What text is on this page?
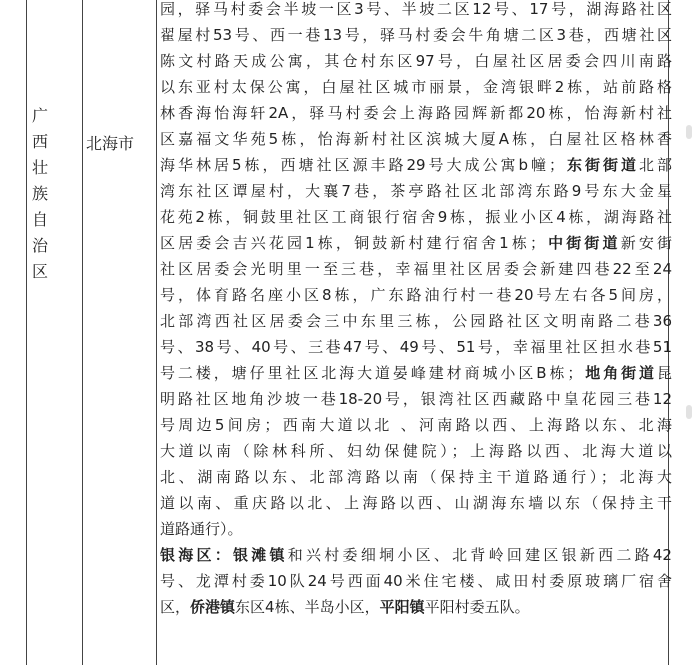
广西壮族自治区
北海市

园，驿马村委会半坡一区3号、半坡二区12号、17号，湖海路社区

翟屋村53号、西一巷13号，驿马村委会牛角塘二区3巷，西塘社区

陈文村路天成公寓，其仓村东区97号，白屋社区居委会四川南路

以东亚村太保公寓，白屋社区城市丽景，金湾银畔2栋，站前路格

林香海怡海轩2A，驿马村委会上海路园辉新都20栋，怡海新村社

区嘉福文华苑5栋，怡海新村社区滨城大厦A栋，白屋社区格林香

海华林居5栋，西塘社区源丰路29号大成公寓b幢；东街街道北部

湾东社区谭屋村，大襄7巷，茶亭路社区北部湾东路9号东大金星

花苑2栋，铜鼓里社区工商银行宿舍9栋，振业小区4栋，湖海路社

区居委会吉兴花园1栋，铜鼓新村建行宿舍1栋；中街街道新安街

社区居委会光明里一至三巷，幸福里社区居委会新建四巷22至24

号，体育路名座小区8栋，广东路油行村一巷20号左右各5间房，

北部湾西社区居委会三中东里三栋，公园路社区文明南路二巷36

号、38号、40号、三巷47号、49号、51号，幸福里社区担水巷51

号二楼，塘仔里社区北海大道晏峰建材商城小区B栋；地角街道昆

明路社区地角沙坡一巷18-20号，银湾社区西藏路中皇花园三巷12

号周边5间房；西南大道以北 、河南路以西、上海路以东、北海

大道以南（除林科所、妇幼保健院）；上海路以西、北海大道以

北、湖南路以东、北部湾路以南（保持主干道路通行）；北海大

道以南、重庆路以北、上海路以西、山湖海东墙以东（保持主干

道路通行）。

银海区：银滩镇和兴村委细垌小区、北背岭回建区银新西二路42

号、龙潭村委10队24号西面40米住宅楼、咸田村委原玻璃厂宿舍

区，侨港镇东区4栋、半岛小区，平阳镇平阳村委五队。
